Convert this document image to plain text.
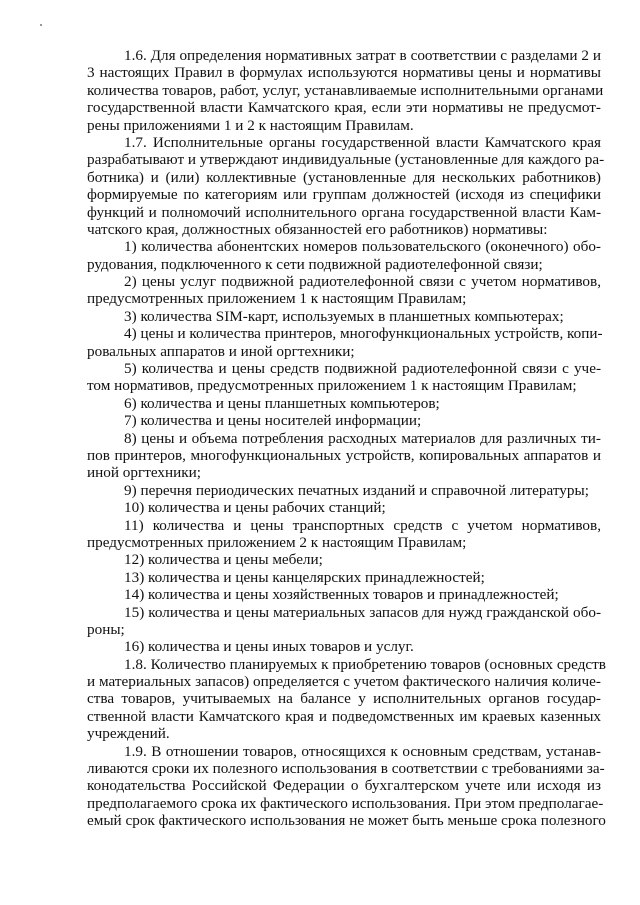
1.6. Для определения нормативных затрат в соответствии с разделами 2 и
3 настоящих Правил в формулах используются нормативы цены и нормативы
количества товаров, работ, услуг, устанавливаемые исполнительными органами
государственной власти Камчатского края, если эти нормативы не предусмот-
рены приложениями 1 и 2 к настоящим Правилам.
1.7. Исполнительные органы государственной власти Камчатского края
разрабатывают и утверждают индивидуальные (установленные для каждого ра-
ботника) и (или) коллективные (установленные для нескольких работников)
формируемые по категориям или группам должностей (исходя из специфики
функций и полномочий исполнительного органа государственной власти Кам-
чатского края, должностных обязанностей его работников) нормативы:
1) количества абонентских номеров пользовательского (оконечного) обо-
рудования, подключенного к сети подвижной радиотелефонной связи;
2) цены услуг подвижной радиотелефонной связи с учетом нормативов,
предусмотренных приложением 1 к настоящим Правилам;
3) количества SIM-карт, используемых в планшетных компьютерах;
4) цены и количества принтеров, многофункциональных устройств, копи-
ровальных аппаратов и иной оргтехники;
5) количества и цены средств подвижной радиотелефонной связи с уче-
том нормативов, предусмотренных приложением 1 к настоящим Правилам;
6) количества и цены планшетных компьютеров;
7) количества и цены носителей информации;
8) цены и объема потребления расходных материалов для различных ти-
пов принтеров, многофункциональных устройств, копировальных аппаратов и
иной оргтехники;
9) перечня периодических печатных изданий и справочной литературы;
10) количества и цены рабочих станций;
11) количества и цены транспортных средств с учетом нормативов,
предусмотренных приложением 2 к настоящим Правилам;
12) количества и цены мебели;
13) количества и цены канцелярских принадлежностей;
14) количества и цены хозяйственных товаров и принадлежностей;
15) количества и цены материальных запасов для нужд гражданской обо-
роны;
16) количества и цены иных товаров и услуг.
1.8. Количество планируемых к приобретению товаров (основных средств
и материальных запасов) определяется с учетом фактического наличия количе-
ства товаров, учитываемых на балансе у исполнительных органов государ-
ственной власти Камчатского края и подведомственных им краевых казенных
учреждений.
1.9. В отношении товаров, относящихся к основным средствам, устанав-
ливаются сроки их полезного использования в соответствии с требованиями за-
конодательства Российской Федерации о бухгалтерском учете или исходя из
предполагаемого срока их фактического использования. При этом предполагае-
емый срок фактического использования не может быть меньше срока полезного
